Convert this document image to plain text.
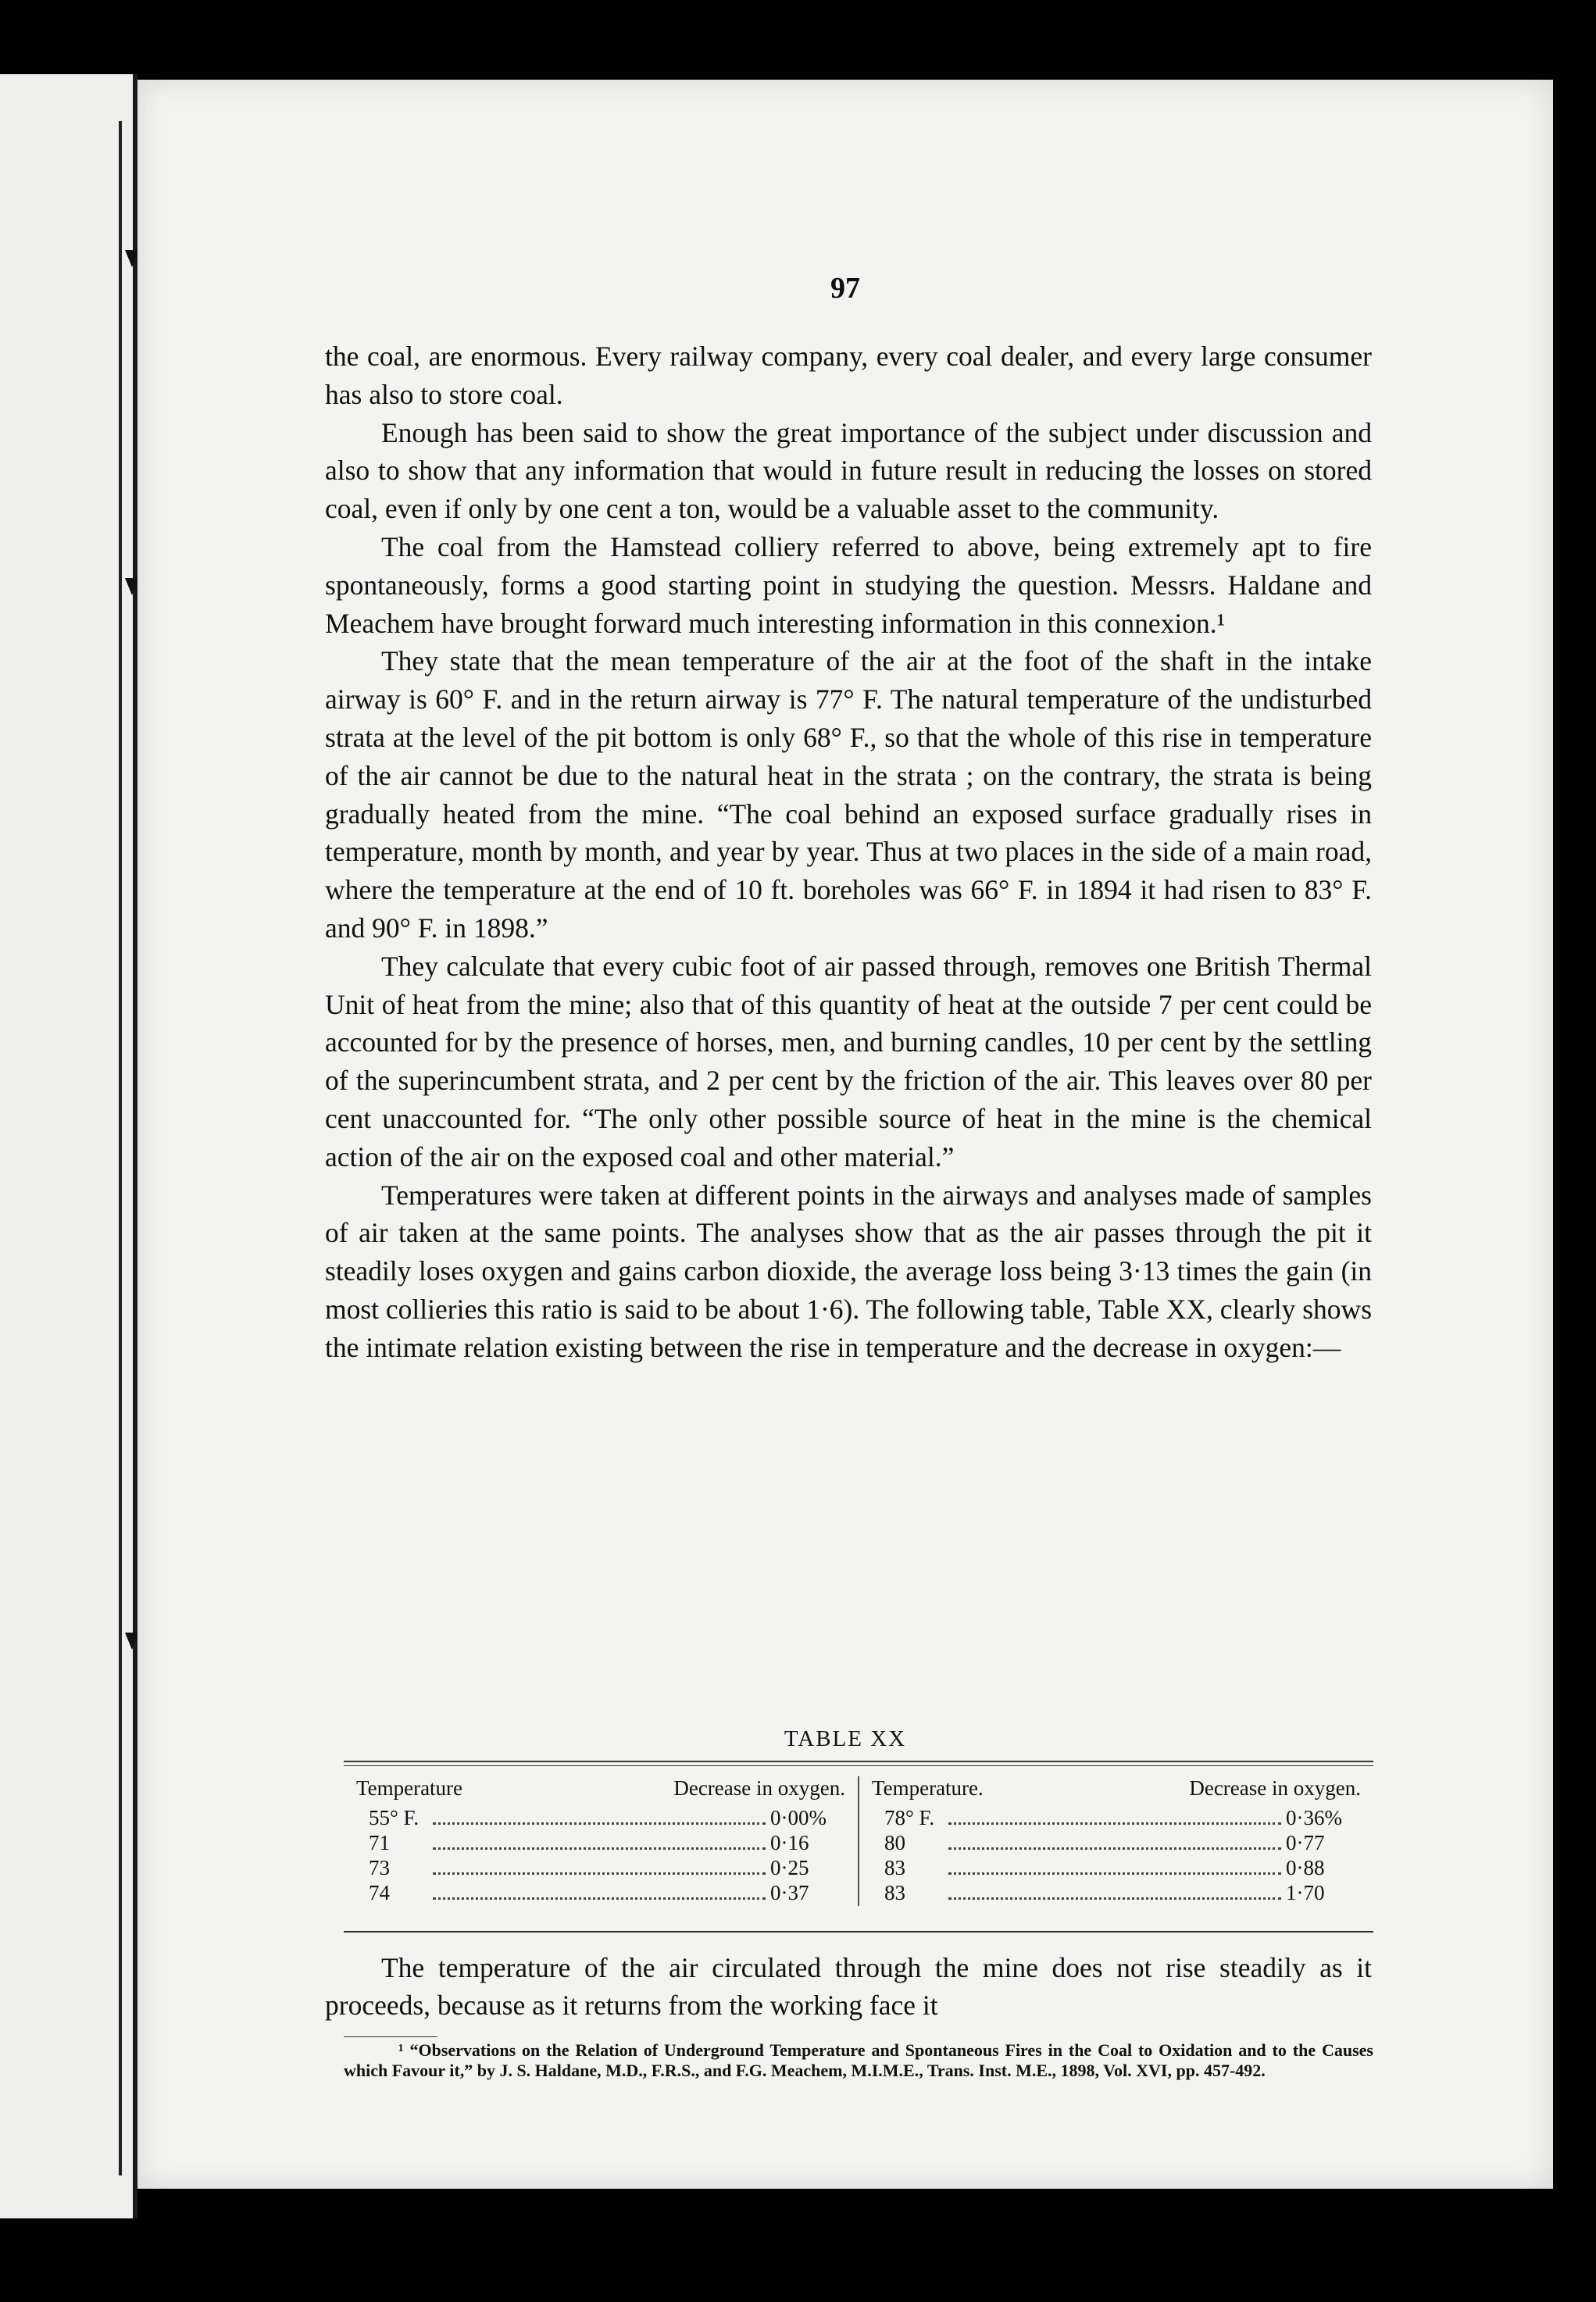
97

the coal, are enormous. Every railway company, every coal dealer, and every large consumer has also to store coal.

Enough has been said to show the great importance of the subject under discussion and also to show that any information that would in future result in reducing the losses on stored coal, even if only by one cent a ton, would be a valuable asset to the community.

The coal from the Hamstead colliery referred to above, being extremely apt to fire spontaneously, forms a good starting point in studying the question. Messrs. Haldane and Meachem have brought forward much interesting information in this connexion.¹

They state that the mean temperature of the air at the foot of the shaft in the intake airway is 60° F. and in the return airway is 77° F. The natural temperature of the undisturbed strata at the level of the pit bottom is only 68° F., so that the whole of this rise in temperature of the air cannot be due to the natural heat in the strata ; on the contrary, the strata is being gradually heated from the mine. “The coal behind an exposed surface gradually rises in temperature, month by month, and year by year. Thus at two places in the side of a main road, where the temperature at the end of 10 ft. boreholes was 66° F. in 1894 it had risen to 83° F. and 90° F. in 1898.”

They calculate that every cubic foot of air passed through, removes one British Thermal Unit of heat from the mine; also that of this quantity of heat at the outside 7 per cent could be accounted for by the presence of horses, men, and burning candles, 10 per cent by the settling of the superincumbent strata, and 2 per cent by the friction of the air. This leaves over 80 per cent unaccounted for. “The only other possible source of heat in the mine is the chemical action of the air on the exposed coal and other material.”

Temperatures were taken at different points in the airways and analyses made of samples of air taken at the same points. The analyses show that as the air passes through the pit it steadily loses oxygen and gains carbon dioxide, the average loss being 3·13 times the gain (in most collieries this ratio is said to be about 1·6). The following table, Table XX, clearly shows the intimate relation existing between the rise in temperature and the decrease in oxygen:—

TABLE XX
Temperature	Decrease in oxygen.
55° F.	0·00%
71	0·16
73	0·25
74	0·37
Temperature.	Decrease in oxygen.
78° F.	0·36%
80	0·77
83	0·88
83	1·70

The temperature of the air circulated through the mine does not rise steadily as it proceeds, because as it returns from the working face it

¹ “Observations on the Relation of Underground Temperature and Spontaneous Fires in the Coal to Oxidation and to the Causes which Favour it,” by J. S. Haldane, M.D., F.R.S., and F.G. Meachem, M.I.M.E., Trans. Inst. M.E., 1898, Vol. XVI, pp. 457-492.
